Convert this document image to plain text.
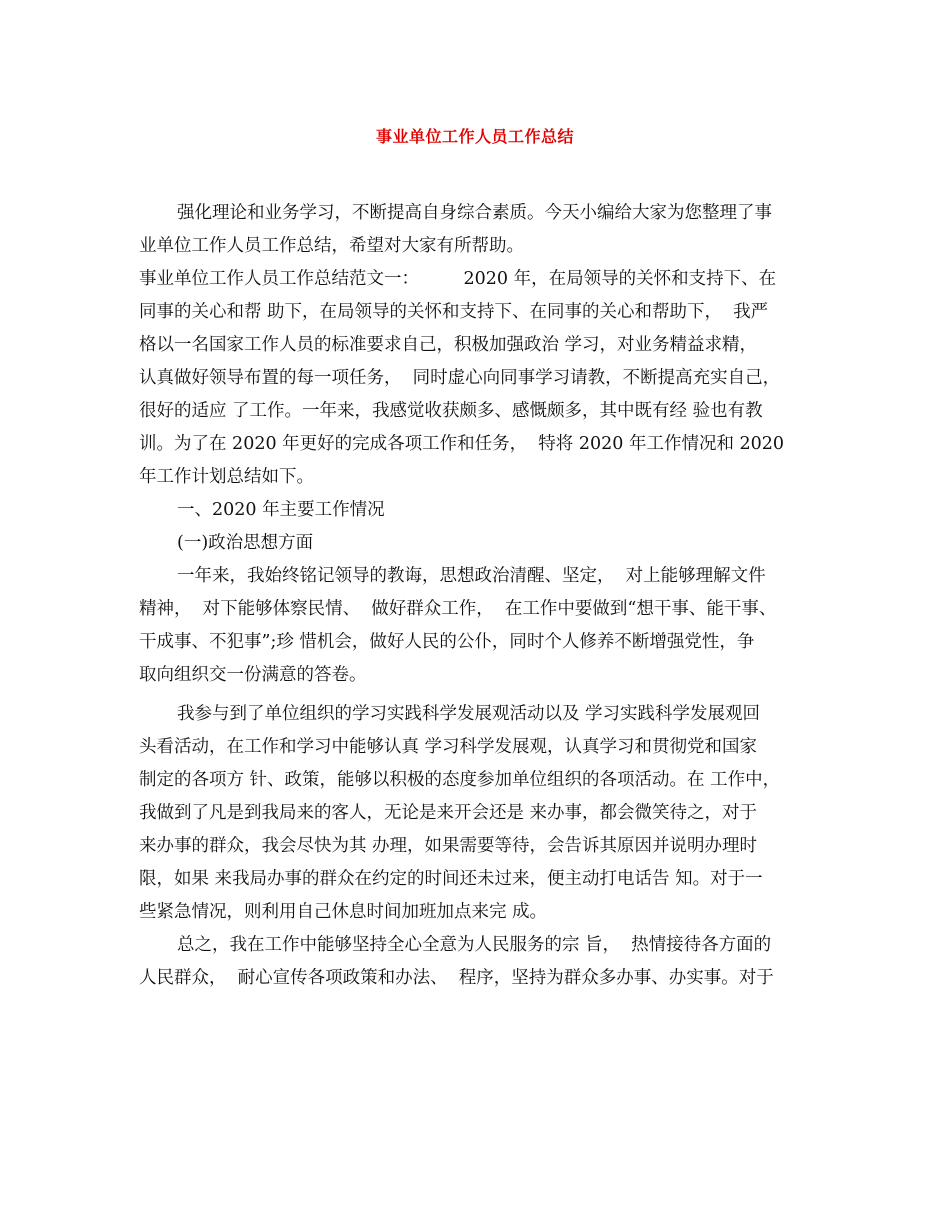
事业单位工作人员工作总结
强化理论和业务学习，不断提高自身综合素质。今天小编给大家为您整理了事
业单位工作人员工作总结，希望对大家有所帮助。
事业单位工作人员工作总结范文一：        2020 年，在局领导的关怀和支持下、在
同事的关心和帮 助下，在局领导的关怀和支持下、在同事的关心和帮助下，  我严
格以一名国家工作人员的标准要求自己，积极加强政治 学习，对业务精益求精，
认真做好领导布置的每一项任务，  同时虚心向同事学习请教，不断提高充实自己，
很好的适应 了工作。一年来，我感觉收获颇多、感慨颇多，其中既有经 验也有教
训。为了在 2020 年更好的完成各项工作和任务，  特将 2020 年工作情况和 2020
年工作计划总结如下。
一、2020 年主要工作情况
(一)政治思想方面
一年来，我始终铭记领导的教诲，思想政治清醒、坚定，  对上能够理解文件
精神，  对下能够体察民情、  做好群众工作，  在工作中要做到“想干事、能干事、
干成事、不犯事”;珍 惜机会，做好人民的公仆，同时个人修养不断增强党性，争
取向组织交一份满意的答卷。
我参与到了单位组织的学习实践科学发展观活动以及 学习实践科学发展观回
头看活动，在工作和学习中能够认真 学习科学发展观，认真学习和贯彻党和国家
制定的各项方 针、政策，能够以积极的态度参加单位组织的各项活动。在 工作中，
我做到了凡是到我局来的客人，无论是来开会还是 来办事，都会微笑待之，对于
来办事的群众，我会尽快为其 办理，如果需要等待，会告诉其原因并说明办理时
限，如果 来我局办事的群众在约定的时间还未过来，便主动打电话告 知。对于一
些紧急情况，则利用自己休息时间加班加点来完 成。
总之，我在工作中能够坚持全心全意为人民服务的宗 旨，  热情接待各方面的
人民群众，  耐心宣传各项政策和办法、  程序，坚持为群众多办事、办实事。对于
